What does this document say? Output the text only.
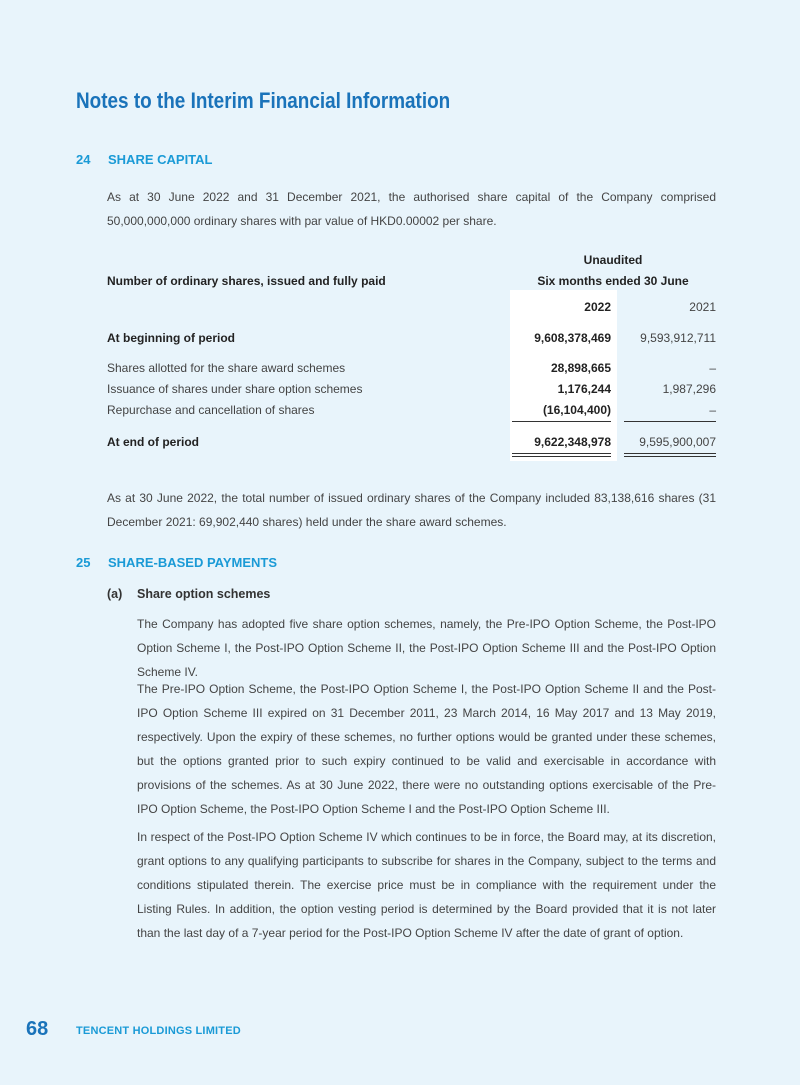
Notes to the Interim Financial Information
24 SHARE CAPITAL
As at 30 June 2022 and 31 December 2021, the authorised share capital of the Company comprised 50,000,000,000 ordinary shares with par value of HKD0.00002 per share.
Unaudited
Number of ordinary shares, issued and fully paid	Six months ended 30 June
2022	2021
At beginning of period	9,608,378,469	9,593,912,711
Shares allotted for the share award schemes	28,898,665	–
Issuance of shares under share option schemes	1,176,244	1,987,296
Repurchase and cancellation of shares	(16,104,400)	–
At end of period	9,622,348,978	9,595,900,007
As at 30 June 2022, the total number of issued ordinary shares of the Company included 83,138,616 shares (31 December 2021: 69,902,440 shares) held under the share award schemes.
25 SHARE-BASED PAYMENTS
(a) Share option schemes
The Company has adopted five share option schemes, namely, the Pre-IPO Option Scheme, the Post-IPO Option Scheme I, the Post-IPO Option Scheme II, the Post-IPO Option Scheme III and the Post-IPO Option Scheme IV.
The Pre-IPO Option Scheme, the Post-IPO Option Scheme I, the Post-IPO Option Scheme II and the Post-IPO Option Scheme III expired on 31 December 2011, 23 March 2014, 16 May 2017 and 13 May 2019, respectively. Upon the expiry of these schemes, no further options would be granted under these schemes, but the options granted prior to such expiry continued to be valid and exercisable in accordance with provisions of the schemes. As at 30 June 2022, there were no outstanding options exercisable of the Pre-IPO Option Scheme, the Post-IPO Option Scheme I and the Post-IPO Option Scheme III.
In respect of the Post-IPO Option Scheme IV which continues to be in force, the Board may, at its discretion, grant options to any qualifying participants to subscribe for shares in the Company, subject to the terms and conditions stipulated therein. The exercise price must be in compliance with the requirement under the Listing Rules. In addition, the option vesting period is determined by the Board provided that it is not later than the last day of a 7-year period for the Post-IPO Option Scheme IV after the date of grant of option.
68	TENCENT HOLDINGS LIMITED
